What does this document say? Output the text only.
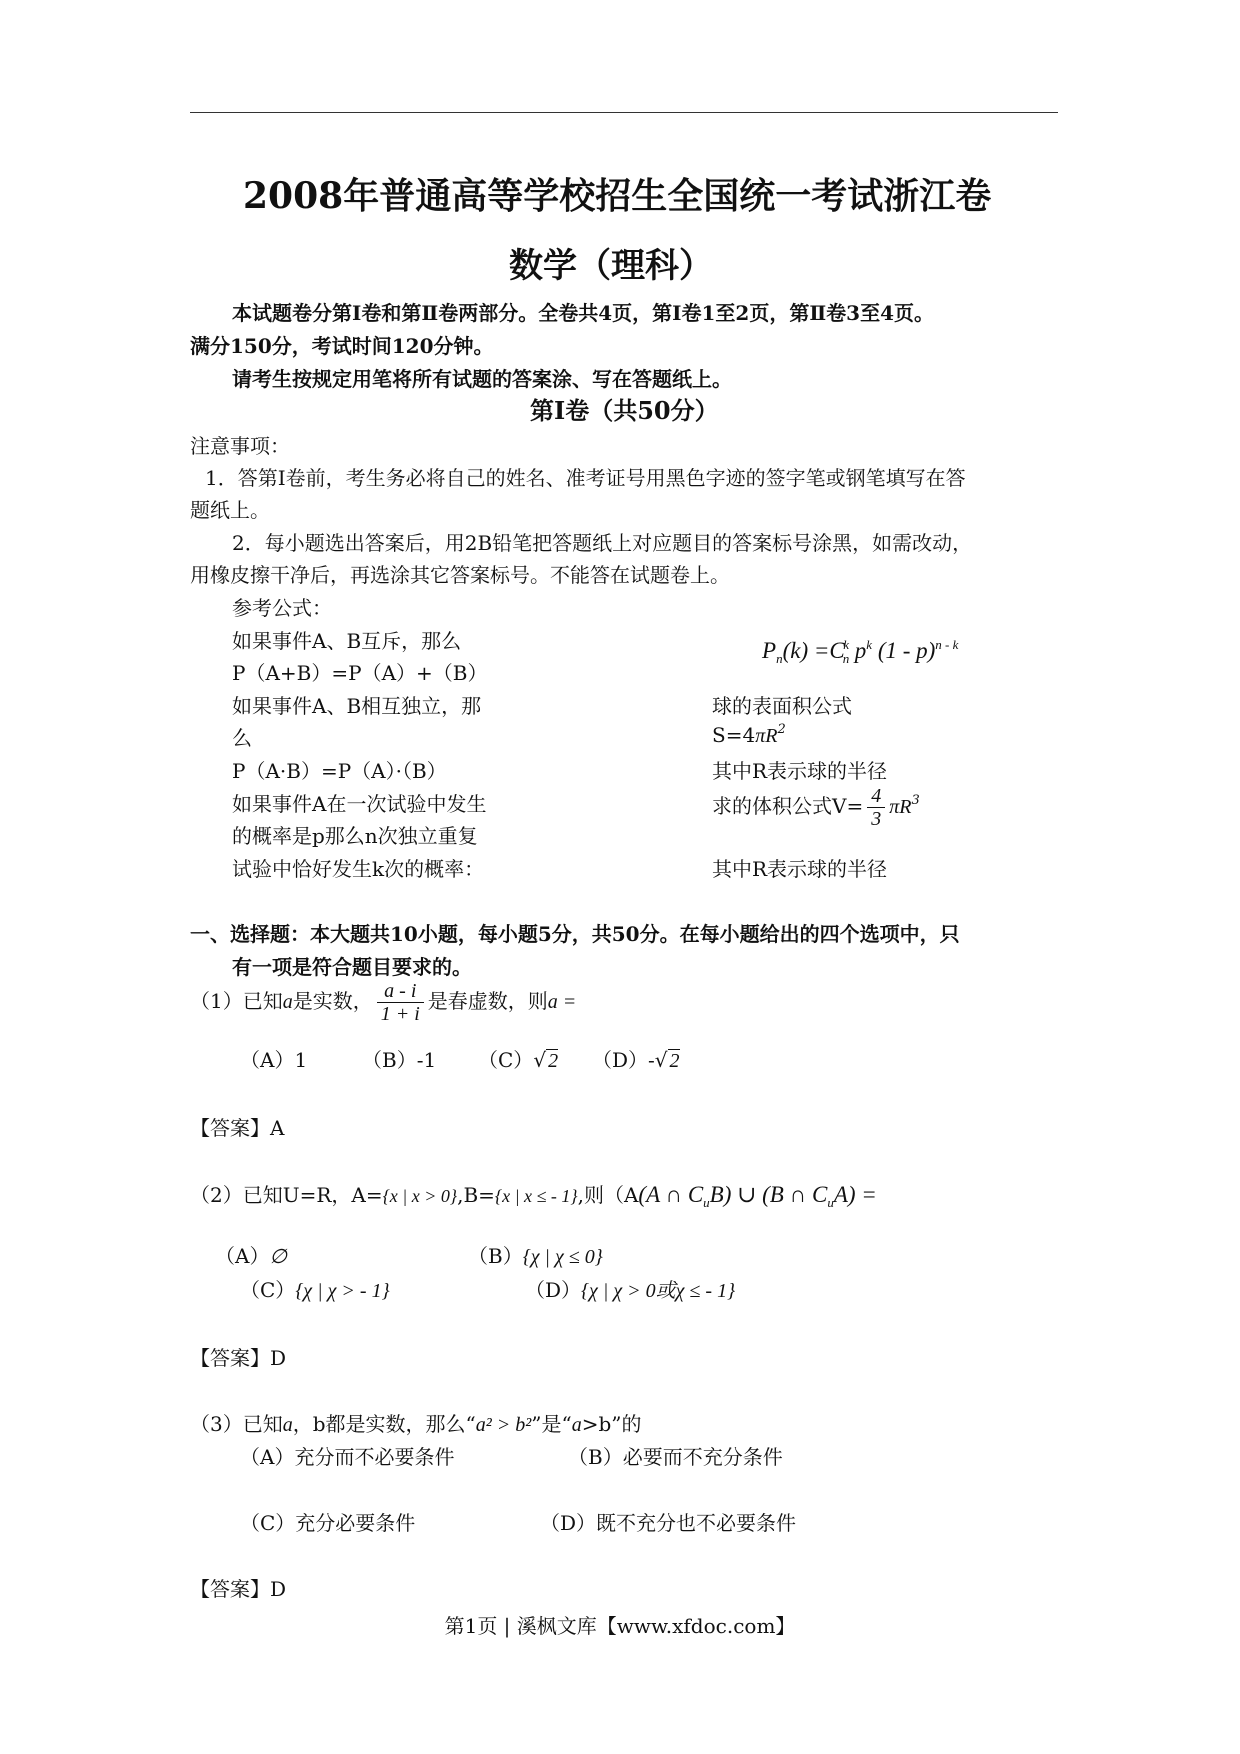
2008年普通高等学校招生全国统一考试浙江卷
数学（理科）
本试题卷分第Ⅰ卷和第Ⅱ卷两部分。全卷共4页，第Ⅰ卷1至2页，第Ⅱ卷3至4页。
满分150分，考试时间120分钟。
请考生按规定用笔将所有试题的答案涂、写在答题纸上。
第Ⅰ卷（共50分）
注意事项：
1．答第Ⅰ卷前，考生务必将自己的姓名、准考证号用黑色字迹的签字笔或钢笔填写在答
题纸上。
2．每小题选出答案后，用2B铅笔把答题纸上对应题目的答案标号涂黑，如需改动，
用橡皮擦干净后，再选涂其它答案标号。不能答在试题卷上。
参考公式：
如果事件A、B互斥，那么
P（A+B）=P（A）+（B）
如果事件A、B相互独立，那
么
P（A·B）=P（A）·（B）
如果事件A在一次试验中发生
的概率是p那么n次独立重复
试验中恰好发生k次的概率：
$P_n(k) =C_n^k$ $p^k$ (1 - p)$^{n - k}$
球的表面积公式
$S=4\pi R^2$
其中R表示球的半径
求的体积公式$V= \frac{4}{3} \pi R^3$
其中R表示球的半径
一、选择题：本大题共10小题，每小题5分，共50分。在每小题给出的四个选项中，只
有一项是符合题目要求的。
（1）已知a是实数， $\frac{a - i}{1 + i}$ 是春虚数，则a =
（A）1	（B）-1 （C）√ 2 （D）-√ 2
【答案】A
（2）已知U=R，A={x | x > 0},B={x | x ≤ - 1},则（A(A ∩ $C_uB$) ∪ (B ∩ $C_uA$) =
（A）∅	（B）{χ | χ ≤ 0}
（C）{χ | χ > - 1}	（D）{χ | χ > 0或χ ≤ - 1}
【答案】D
（3）已知a，b都是实数，那么“a² > b²”是“a>b”的
（A）充分而不必要条件	（B）必要而不充分条件
（C）充分必要条件	（D）既不充分也不必要条件
【答案】D
第1页 | 溪枫文库【www.xfdoc.com】
